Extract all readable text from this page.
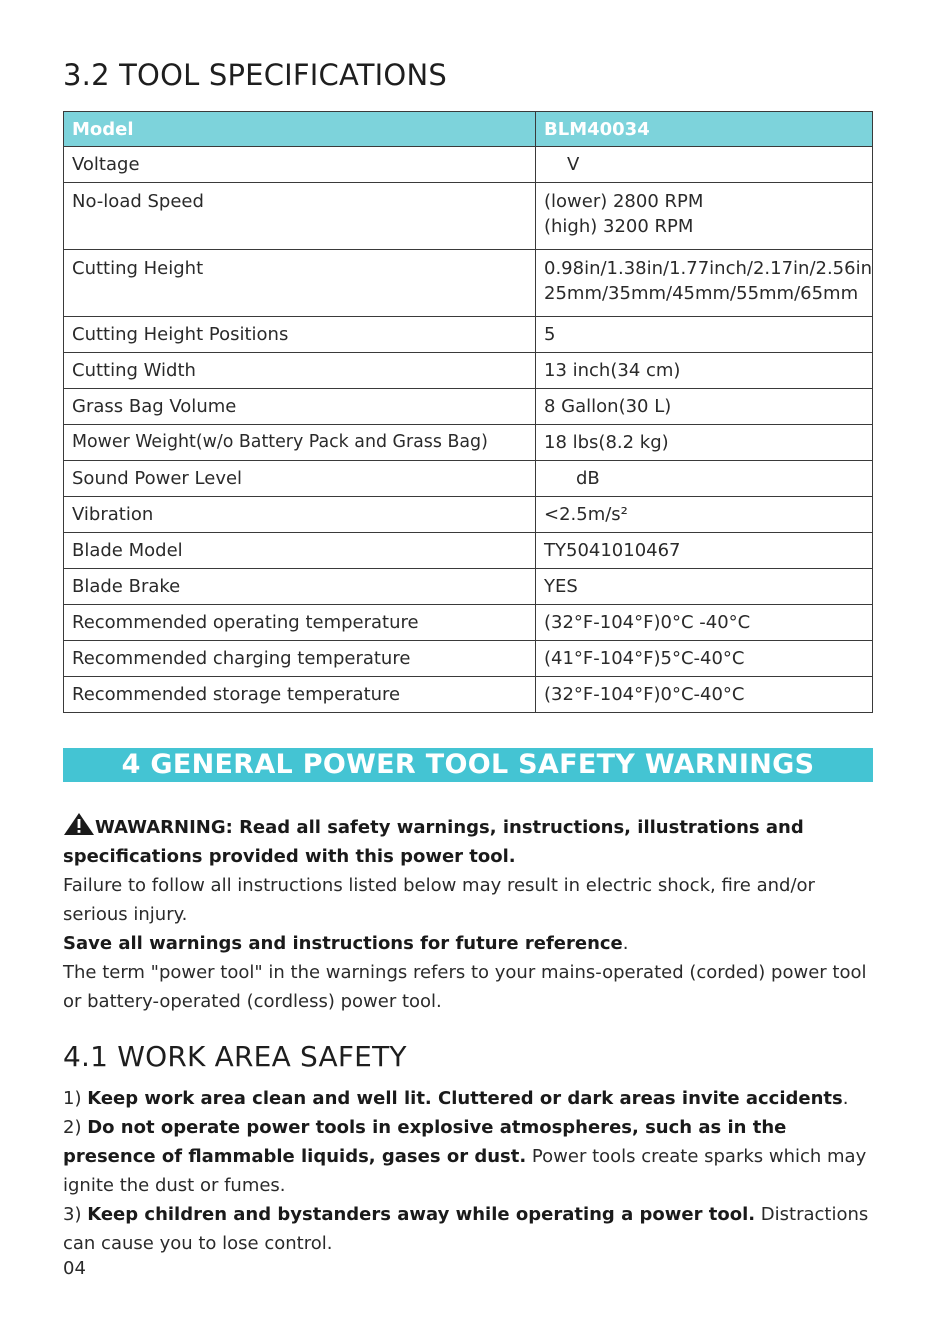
3.2 TOOL SPECIFICATIONS
Model	BLM40034
Voltage	V
No-load Speed	(lower) 2800 RPM
(high) 3200 RPM

Cutting Height	0.98in/1.38in/1.77inch/2.17in/2.56in
25mm/35mm/45mm/55mm/65mm

Cutting Height Positions	5
Cutting Width	13 inch(34 cm)
Grass Bag Volume	8 Gallon(30 L)
Mower Weight(w/o Battery Pack and Grass Bag)	18 lbs(8.2 kg)
Sound Power Level	dB
Vibration	<2.5m/s²
Blade Model	TY5041010467
Blade Brake	YES
Recommended operating temperature	(32°F-104°F)0°C -40°C
Recommended charging temperature	(41°F-104°F)5°C-40°C
Recommended storage temperature	(32°F-104°F)0°C-40°C
4 GENERAL POWER TOOL SAFETY WARNINGS
WAWARNING: Read all safety warnings, instructions, illustrations and specifications provided with this power tool.
Failure to follow all instructions listed below may result in electric shock, fire and/or serious injury.
Save all warnings and instructions for future reference.
The term "power tool" in the warnings refers to your mains-operated (corded) power tool or battery-operated (cordless) power tool.
4.1 WORK AREA SAFETY
1) Keep work area clean and well lit. Cluttered or dark areas invite accidents.
2) Do not operate power tools in explosive atmospheres, such as in the presence of flammable liquids, gases or dust. Power tools create sparks which may ignite the dust or fumes.
3) Keep children and bystanders away while operating a power tool. Distractions can cause you to lose control.
04
